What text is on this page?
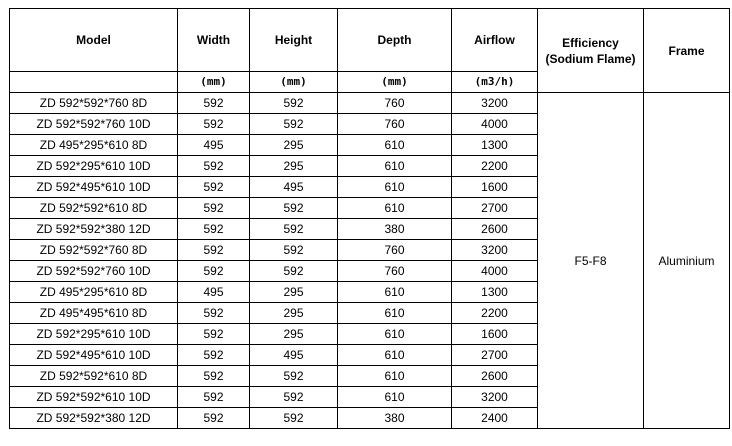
Model	Width	Height	Depth	Airflow	Efficiency (Sodium Flame)	Frame
	(mm)	(mm)	(mm)	(m3/h)		
ZD 592*592*760 8D	592	592	760	3200	F5-F8	Aluminium
ZD 592*592*760 10D	592	592	760	4000		
ZD 495*295*610 8D	495	295	610	1300		
ZD 592*295*610 10D	592	295	610	2200		
ZD 592*495*610 10D	592	495	610	1600		
ZD 592*592*610 8D	592	592	610	2700		
ZD 592*592*380 12D	592	592	380	2600		
ZD 592*592*760 8D	592	592	760	3200		
ZD 592*592*760 10D	592	592	760	4000		
ZD 495*295*610 8D	495	295	610	1300		
ZD 495*495*610 8D	592	295	610	2200		
ZD 592*295*610 10D	592	295	610	1600		
ZD 592*495*610 10D	592	495	610	2700		
ZD 592*592*610 8D	592	592	610	2600		
ZD 592*592*610 10D	592	592	610	3200		
ZD 592*592*380 12D	592	592	380	2400		
